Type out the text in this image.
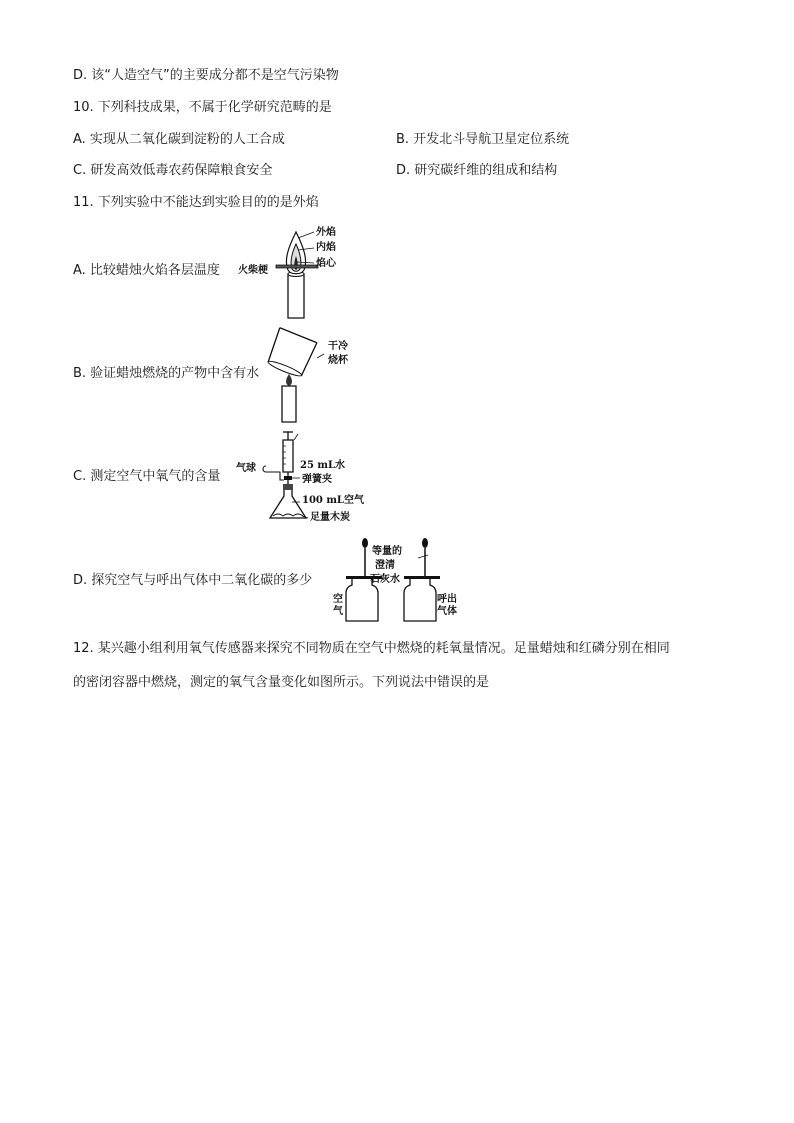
D. 该“人造空气”的主要成分都不是空气污染物
10. 下列科技成果，不属于化学研究范畴的是
A. 实现从二氧化碳到淀粉的人工合成	B. 开发北斗导航卫星定位系统
C. 研发高效低毒农药保障粮食安全	D. 研究碳纤维的组成和结构
11. 下列实验中不能达到实验目的的是外焰
A. 比较蜡烛火焰各层温度
外焰
内焰
焰心
火柴梗
B. 验证蜡烛燃烧的产物中含有水
干冷
烧杯
C. 测定空气中氧气的含量
气球	25 mL水
弹簧夹
100 mL空气
足量木炭
D. 探究空气与呼出气体中二氧化碳的多少
等量的
澄清
石灰水
空
气
呼出
气体
12. 某兴趣小组利用氧气传感器来探究不同物质在空气中燃烧的耗氧量情况。足量蜡烛和红磷分别在相同
的密闭容器中燃烧，测定的氧气含量变化如图所示。下列说法中错误的是
